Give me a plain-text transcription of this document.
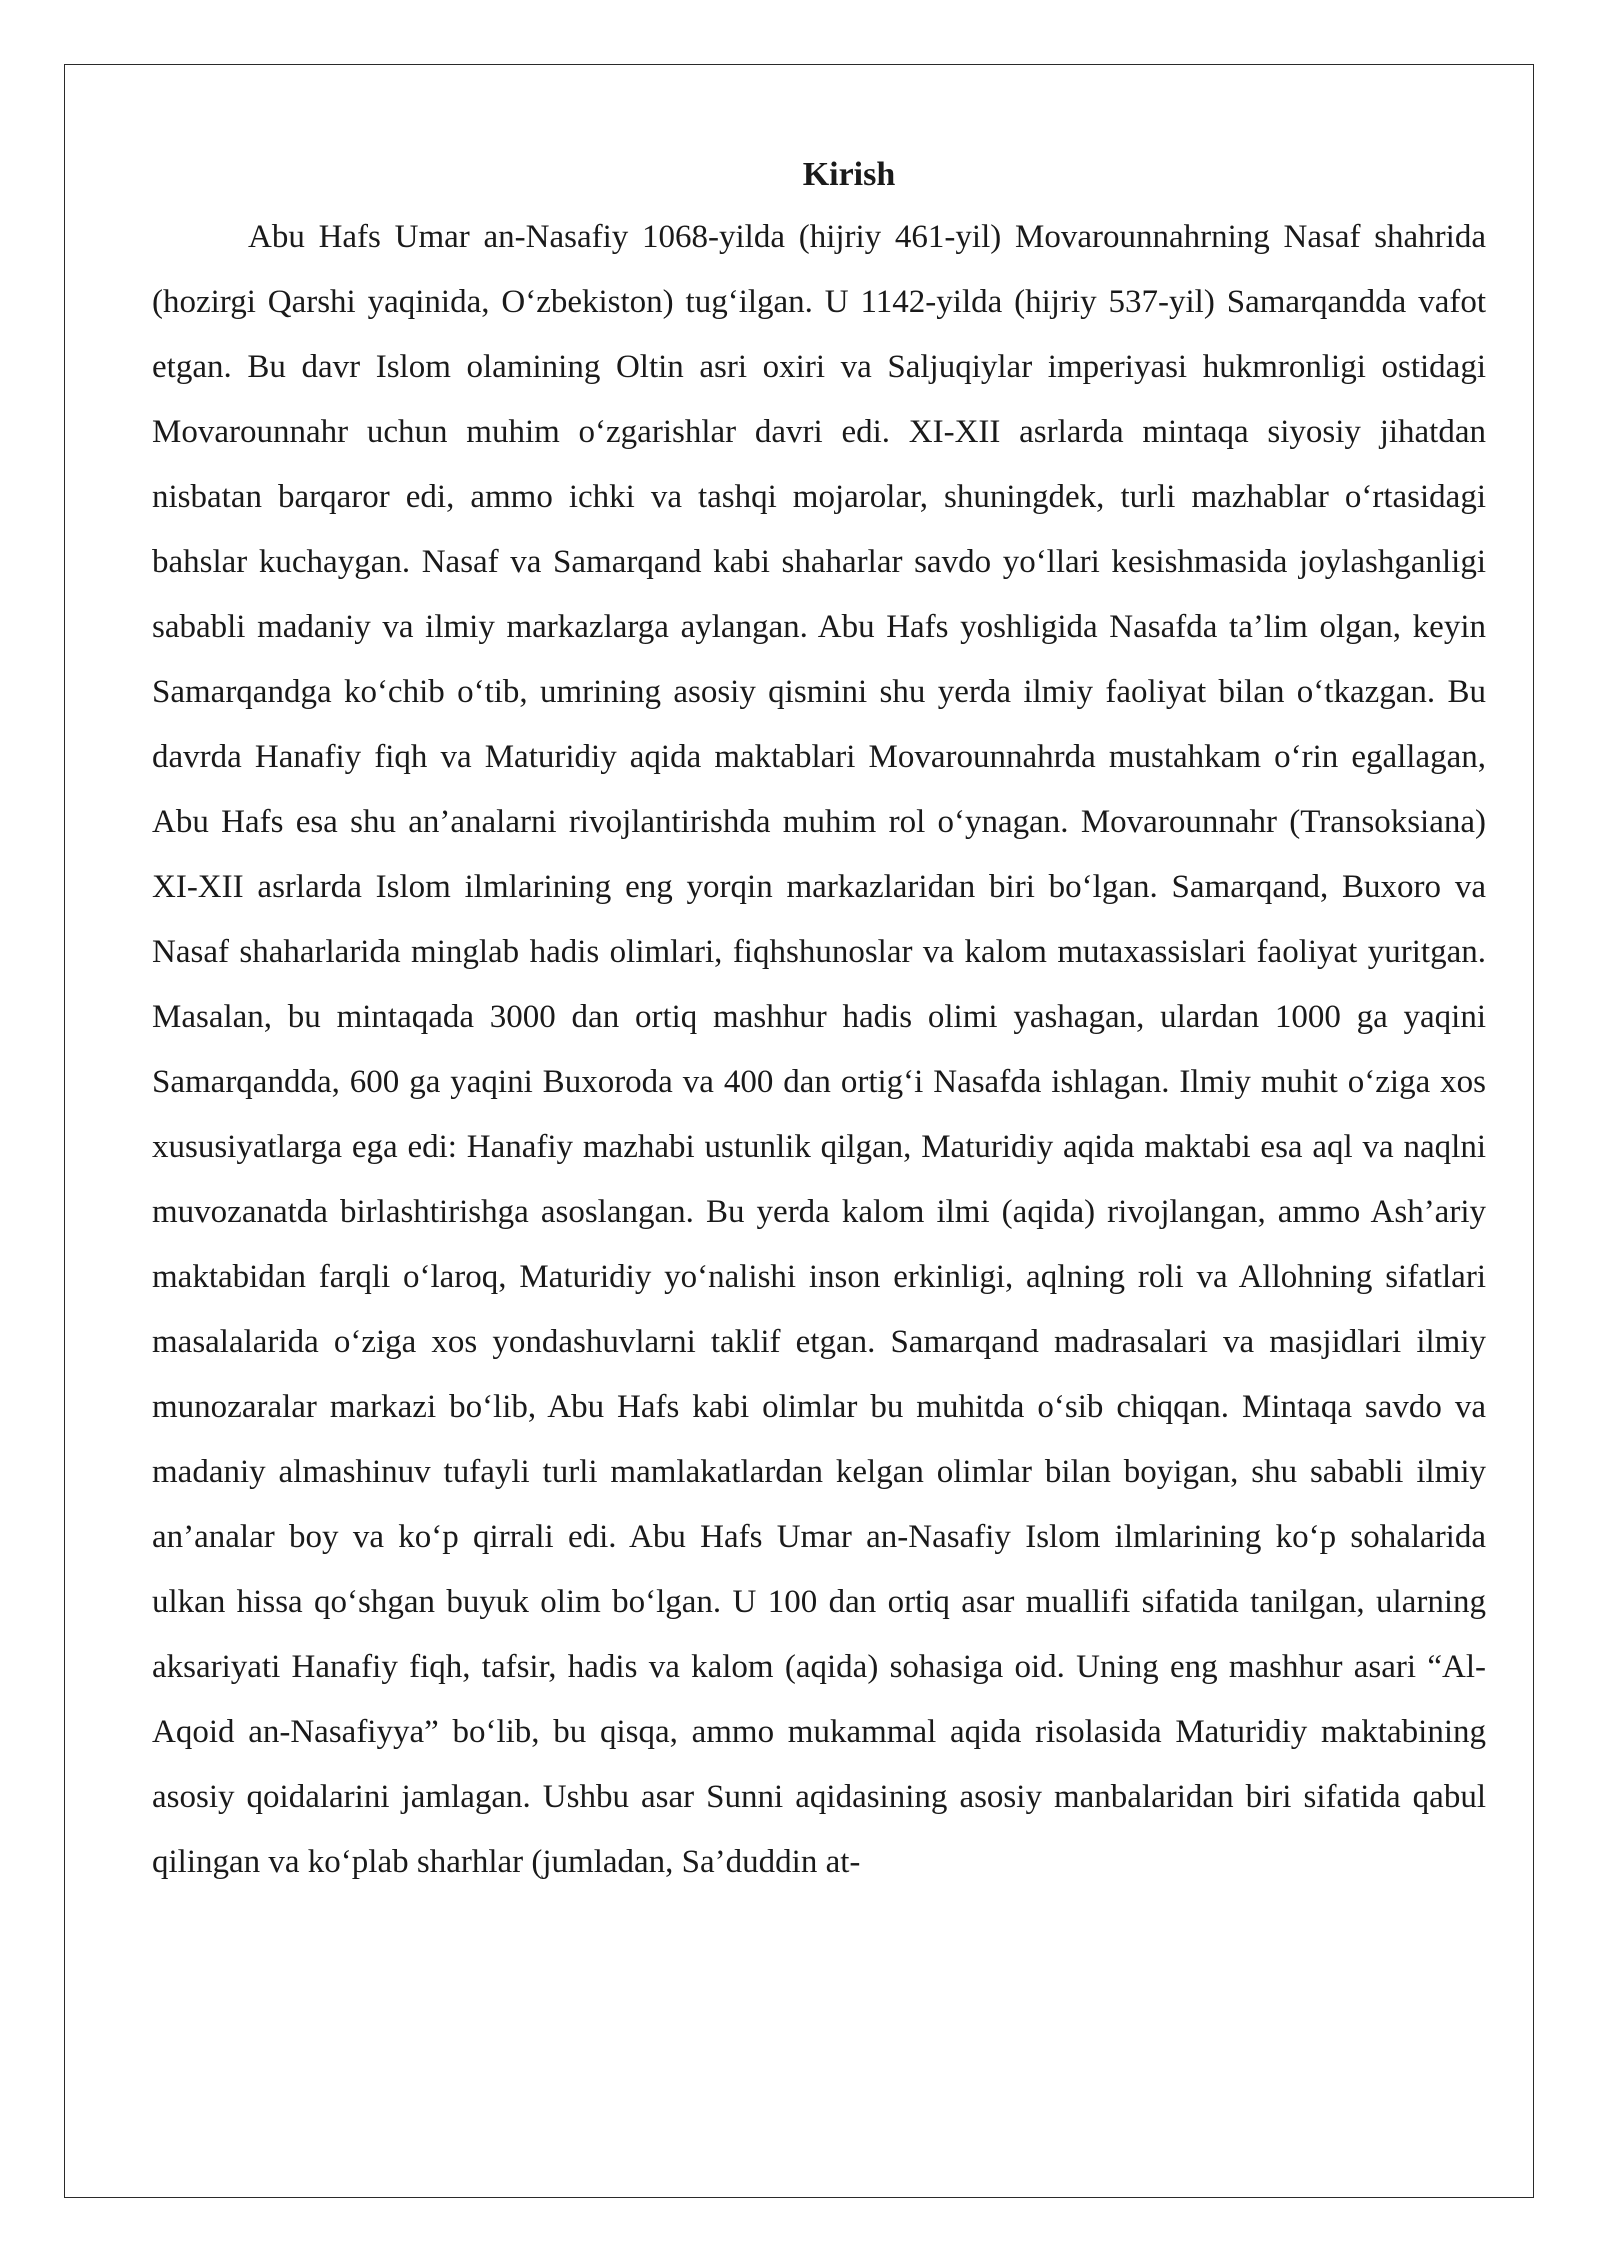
Kirish

Abu Hafs Umar an-Nasafiy 1068-yilda (hijriy 461-yil) Movarounnahrning Nasaf shahrida (hozirgi Qarshi yaqinida, O‘zbekiston) tug‘ilgan. U 1142-yilda (hijriy 537-yil) Samarqandda vafot etgan. Bu davr Islom olamining Oltin asri oxiri va Saljuqiylar imperiyasi hukmronligi ostidagi Movarounnahr uchun muhim o‘zgarishlar davri edi. XI-XII asrlarda mintaqa siyosiy jihatdan nisbatan barqaror edi, ammo ichki va tashqi mojarolar, shuningdek, turli mazhablar o‘rtasidagi bahslar kuchaygan. Nasaf va Samarqand kabi shaharlar savdo yo‘llari kesishmasida joylashganligi sababli madaniy va ilmiy markazlarga aylangan. Abu Hafs yoshligida Nasafda ta’lim olgan, keyin Samarqandga ko‘chib o‘tib, umrining asosiy qismini shu yerda ilmiy faoliyat bilan o‘tkazgan. Bu davrda Hanafiy fiqh va Maturidiy aqida maktablari Movarounnahrda mustahkam o‘rin egallagan, Abu Hafs esa shu an’analarni rivojlantirishda muhim rol o‘ynagan. Movarounnahr (Transoksiana) XI-XII asrlarda Islom ilmlarining eng yorqin markazlaridan biri bo‘lgan. Samarqand, Buxoro va Nasaf shaharlarida minglab hadis olimlari, fiqhshunoslar va kalom mutaxassislari faoliyat yuritgan. Masalan, bu mintaqada 3000 dan ortiq mashhur hadis olimi yashagan, ulardan 1000 ga yaqini Samarqandda, 600 ga yaqini Buxoroda va 400 dan ortig‘i Nasafda ishlagan. Ilmiy muhit o‘ziga xos xususiyatlarga ega edi: Hanafiy mazhabi ustunlik qilgan, Maturidiy aqida maktabi esa aql va naqlni muvozanatda birlashtirishga asoslangan. Bu yerda kalom ilmi (aqida) rivojlangan, ammo Ash’ariy maktabidan farqli o‘laroq, Maturidiy yo‘nalishi inson erkinligi, aqlning roli va Allohning sifatlari masalalarida o‘ziga xos yondashuvlarni taklif etgan. Samarqand madrasalari va masjidlari ilmiy munozaralar markazi bo‘lib, Abu Hafs kabi olimlar bu muhitda o‘sib chiqqan. Mintaqa savdo va madaniy almashinuv tufayli turli mamlakatlardan kelgan olimlar bilan boyigan, shu sababli ilmiy an’analar boy va ko‘p qirrali edi. Abu Hafs Umar an-Nasafiy Islom ilmlarining ko‘p sohalarida ulkan hissa qo‘shgan buyuk olim bo‘lgan. U 100 dan ortiq asar muallifi sifatida tanilgan, ularning aksariyati Hanafiy fiqh, tafsir, hadis va kalom (aqida) sohasiga oid. Uning eng mashhur asari “Al-Aqoid an-Nasafiyya” bo‘lib, bu qisqa, ammo mukammal aqida risolasida Maturidiy maktabining asosiy qoidalarini jamlagan. Ushbu asar Sunni aqidasining asosiy manbalaridan biri sifatida qabul qilingan va ko‘plab sharhlar (jumladan, Sa’duddin at-
